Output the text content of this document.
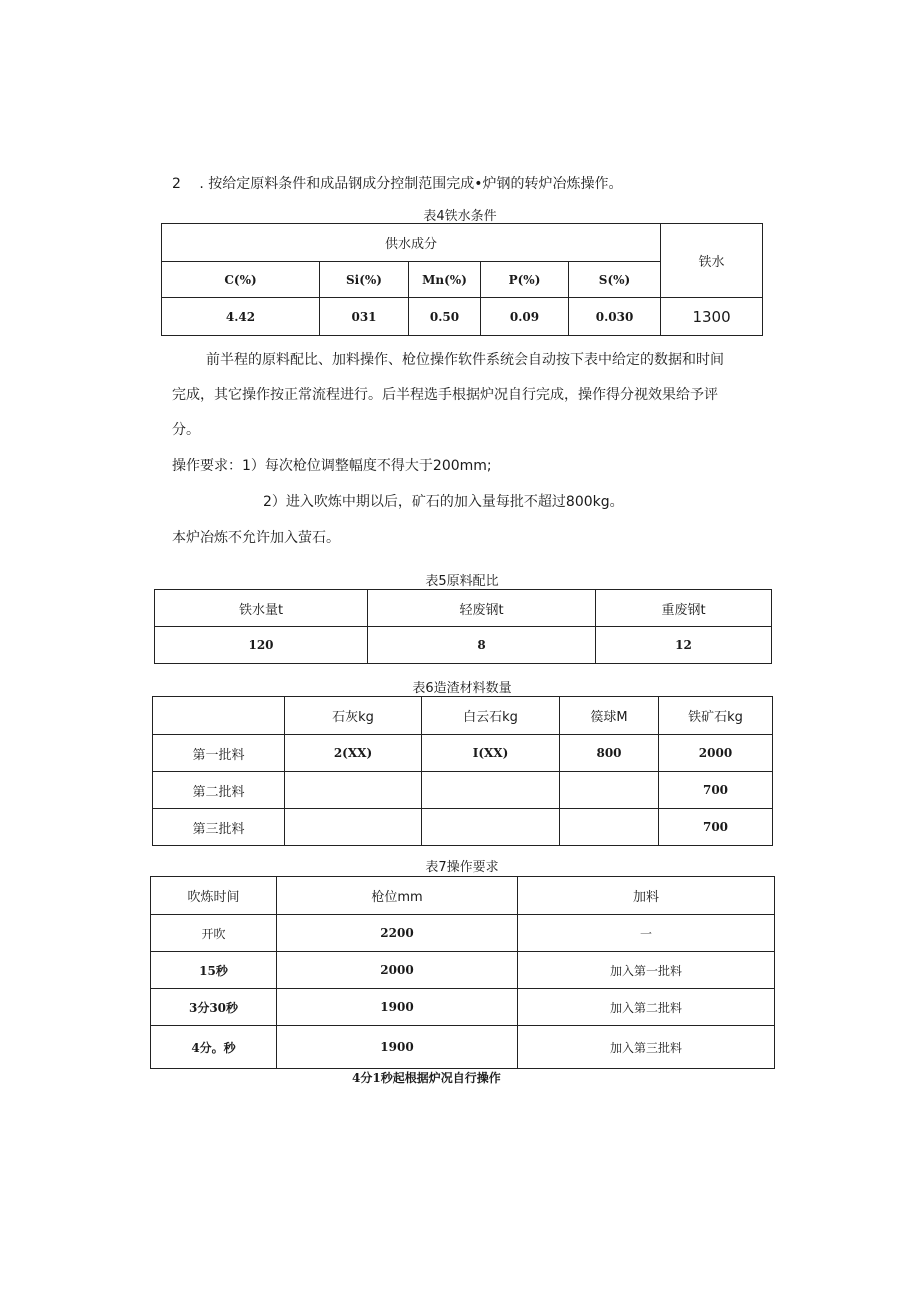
2 . 按给定原料条件和成品钢成分控制范围完成•炉钢的转炉冶炼操作。
表4铁水条件
供水成分					铁水
C(%)	Si(%)	Mn(%)	P(%)	S(%)	
4.42	031	0.50	0.09	0.030	1300
前半程的原料配比、加料操作、枪位操作软件系统会自动按下表中给定的数据和时间
完成，其它操作按正常流程进行。后半程选手根据炉况自行完成，操作得分视效果给予评
分。
操作要求：1）每次枪位调整幅度不得大于200mm;
2）进入吹炼中期以后，矿石的加入量每批不超过800kg。
本炉冶炼不允许加入萤石。
表5原料配比
铁水量t	轻废钢t	重废钢t
120	8	12
表6造渣材料数量
	石灰kg	白云石kg	篌球M	铁矿石kg
第一批料	2(XX)	I(XX)	800	2000
第二批料				700
第三批料				700
表7操作要求
吹炼时间	枪位mm	加料
开吹	2200	一
15秒	2000	加入第一批料
3分30秒	1900	加入第二批料
4分。秒	1900	加入第三批料
4分1秒起根据炉况自行操作
